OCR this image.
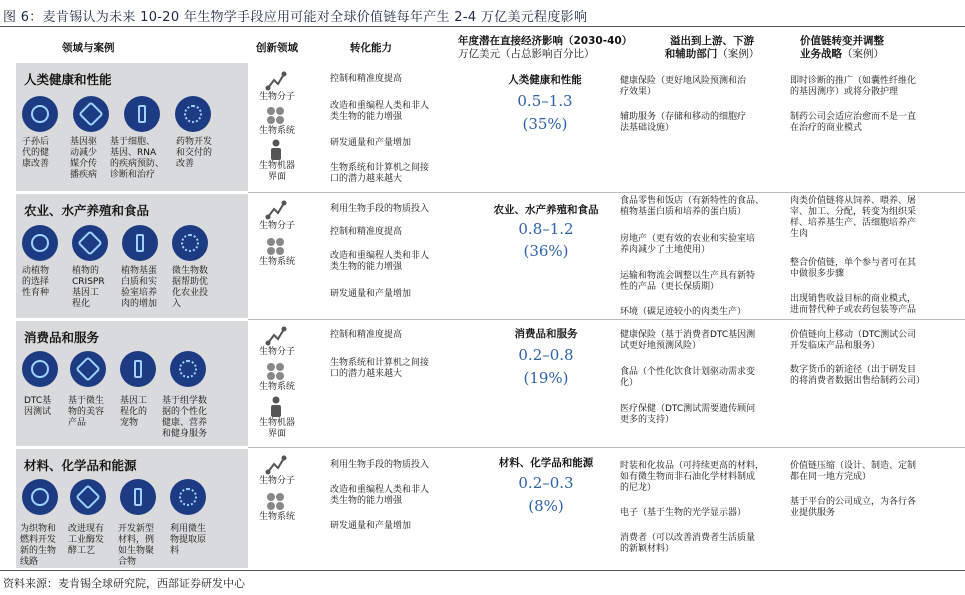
图 6：麦肯锡认为未来 10-20 年生物学手段应用可能对全球价值链每年产生 2-4 万亿美元程度影响
领域与案例	创新领域	转化能力
年度潜在直接经济影响（2030-40）
万亿美元（占总影响百分比）
溢出到上游、下游
和辅助部门（案例）
价值链转变并调整
业务战略（案例）
人类健康和性能
子孙后
代的健
康改善
基因驱
动减少
媒介传
播疾病
基于细胞、
基因、RNA
的疾病预防、
诊断和治疗
药物开发
和交付的
改善
生物分子
生物系统
生物机器
界面
控制和精准度提高
改造和重编程人类和非人
类生物的能力增强
研发通量和产量增加
生物系统和计算机之间接
口的潜力越来越大
人类健康和性能
0.5–1.3
(35%)
健康保险（更好地风险预测和治
疗效果）
辅助服务（存储和移动的细胞疗
法基础设施）
即时诊断的推广（如囊性纤维化
的基因测序）或将分散护理
制药公司会适应治愈而不是一直
在治疗的商业模式
农业、水产养殖和食品
动植物
的选择
性育种
植物的
CRISPR
基因工
程化
植物基蛋
白质和实
验室培养
肉的增加
微生物数
据帮助优
化农业投
入
生物分子
生物系统
利用生物手段的物质投入
控制和精准度提高
改造和重编程人类和非人
类生物的能力增强
研发通量和产量增加
农业、水产养殖和食品
0.8–1.2
(36%)
食品零售和饭店（有新特性的食品、
植物基蛋白质和培养的蛋白质）
房地产（更有效的农业和实验室培
养肉减少了土地使用）
运输和物流会调整以生产具有新特
性的产品（更长保质期）
环境（碳足迹较小的肉类生产）
肉类价值链将从饲养、喂养、屠
宰、加工、分配，转变为组织采
样、培养基生产、活细胞培养产
生肉
整合价值链，单个参与者可在其
中做很多步骤
出现销售收益目标的商业模式，
进而替代种子或农药包装等产品
消费品和服务
DTC基
因测试
基于微生
物的美容
产品
基因工
程化的
宠物
基于组学数
据的个性化
健康、营养
和健身服务
生物分子
生物系统
生物机器
界面
控制和精准度提高
生物系统和计算机之间接
口的潜力越来越大
消费品和服务
0.2–0.8
(19%)
健康保险（基于消费者DTC基因测
试更好地预测风险）
食品（个性化饮食计划驱动需求变
化）
医疗保健（DTC测试需要遗传顾问
更多的支持）
价值链向上移动（DTC测试公司
开发临床产品和服务）
数字货币的新途径（出于研发目
的将消费者数据出售给制药公司）
材料、化学品和能源
为织物和
燃料开发
新的生物
线路
改进现有
工业酶发
酵工艺
开发新型
材料，例
如生物聚
合物
利用微生
物提取原
料
生物分子
生物系统
利用生物手段的物质投入
改造和重编程人类和非人
类生物的能力增强
研发通量和产量增加
材料、化学品和能源
0.2–0.3
(8%)
时装和化妆品（可持续更高的材料，
如有微生物而非石油化学材料制成
的尼龙）
电子（基于生物的光学显示器）
消费者（可以改善消费者生活质量
的新颖材料）
价值链压缩（设计、制造、定制
都在同一地方完成）
基于平台的公司成立，为各行各
业提供服务
资料来源：麦肯锡全球研究院，西部证券研发中心
